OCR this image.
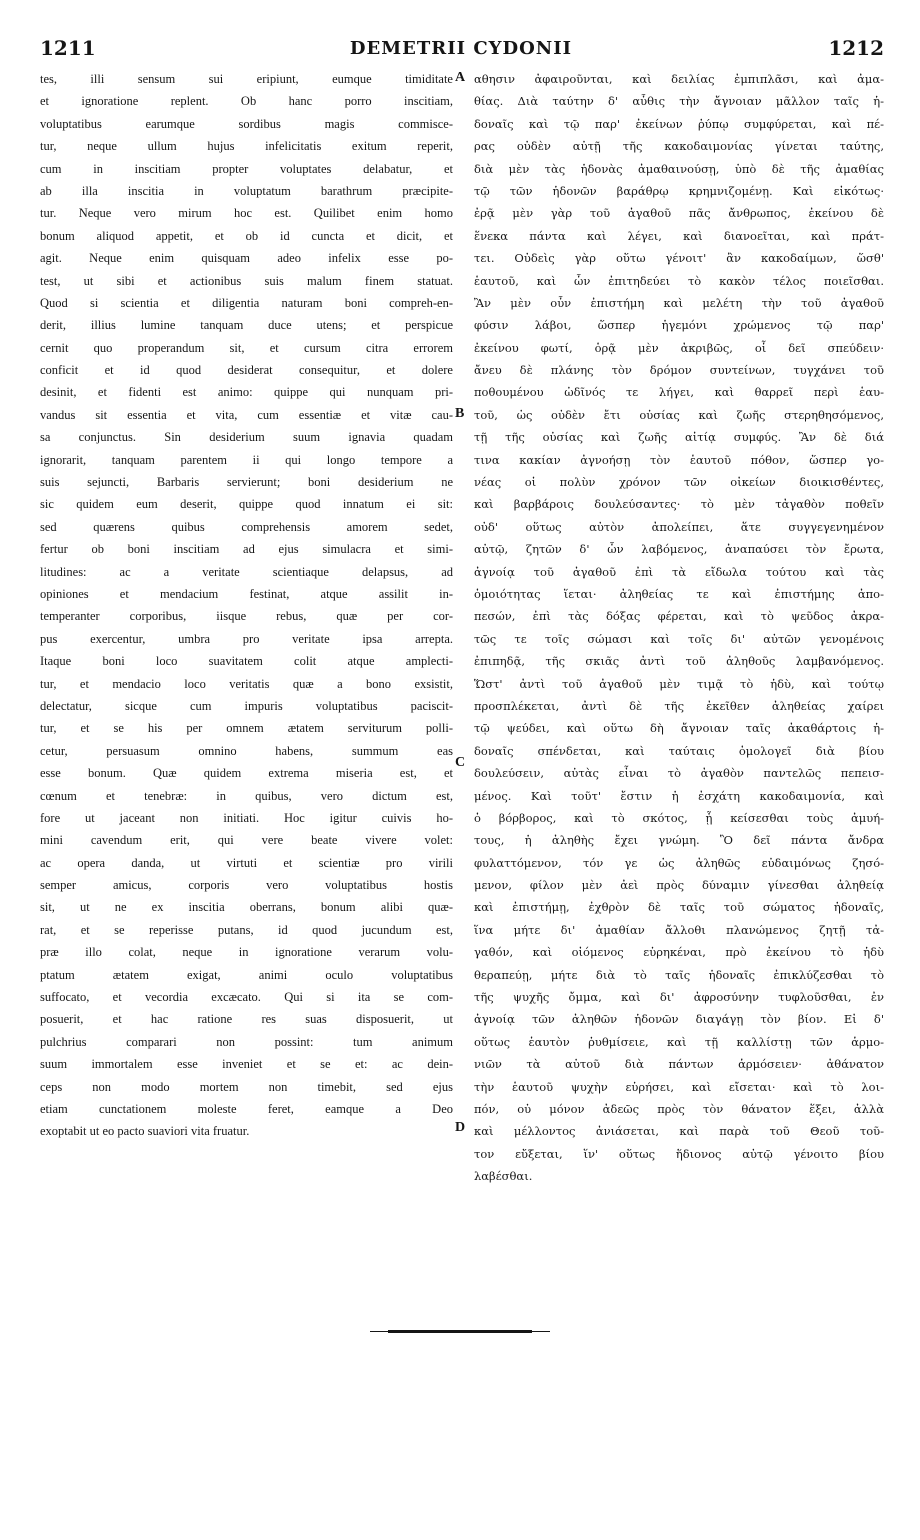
1211	DEMETRII CYDONII	1212
tes, illi sensum sui eripiunt, eumque timiditate
et ignoratione replent. Ob hanc porro inscitiam,
voluptatibus earumque sordibus magis commisce-
tur, neque ullum hujus infelicitatis exitum reperit,
cum in inscitiam propter voluptates delabatur, et
ab illa inscitia in voluptatum barathrum præcipite-
tur. Neque vero mirum hoc est. Quilibet enim homo
bonum aliquod appetit, et ob id cuncta et dicit, et
agit. Neque enim quisquam adeo infelix esse po-
test, ut sibi et actionibus suis malum finem statuat.
Quod si scientia et diligentia naturam boni compreh-en-
derit, illius lumine tanquam duce utens; et perspicue
cernit quo properandum sit, et cursum citra errorem
conficit et id quod desiderat consequitur, et dolere
desinit, et fidenti est animo: quippe qui nunquam pri-
vandus sit essentia et vita, cum essentiæ et vitæ cau-
sa conjunctus. Sin desiderium suum ignavia quadam
ignorarit, tanquam parentem ii qui longo tempore a
suis sejuncti, Barbaris servierunt; boni desiderium ne
sic quidem eum deserit, quippe quod innatum ei sit:
sed quærens quibus comprehensis amorem sedet,
fertur ob boni inscitiam ad ejus simulacra et simi-
litudines: ac a veritate scientiaque delapsus, ad
opiniones et mendacium festinat, atque assilit in-
temperanter corporibus, iisque rebus, quæ per cor-
pus exercentur, umbra pro veritate ipsa arrepta.
Itaque boni loco suavitatem colit atque amplecti-
tur, et mendacio loco veritatis quæ a bono exsistit,
delectatur, sicque cum impuris voluptatibus paciscit-
tur, et se his per omnem ætatem serviturum polli-
cetur, persuasum omnino habens, summum eas
esse bonum. Quæ quidem extrema miseria est, et
cœnum et tenebræ: in quibus, vero dictum est,
fore ut jaceant non initiati. Hoc igitur cuivis ho-
mini cavendum erit, qui vere beate vivere volet:
ac opera danda, ut virtuti et scientiæ pro virili
semper amicus, corporis vero voluptatibus hostis
sit, ut ne ex inscitia oberrans, bonum alibi quæ-
rat, et se reperisse putans, id quod jucundum est,
præ illo colat, neque in ignoratione verarum volu-
ptatum ætatem exigat, animi oculo voluptatibus
suffocato, et vecordia excæcato. Qui si ita se com-
posuerit, et hac ratione res suas disposuerit, ut
pulchrius comparari non possint: tum animum
suum immortalem esse inveniet et se et: ac dein-
ceps non modo mortem non timebit, sed ejus
etiam cunctationem moleste feret, eamque a Deo
exoptabit ut eo pacto suaviori vita fruatur.
αθησιν ἀφαιροῦνται, καὶ δειλίας ἐμπιπλᾶσι, καὶ ἀμα-
θίας. Διὰ ταύτην δ' αὖθις τὴν ἄγνοιαν μᾶλλον ταῖς ἡ-
δοναῖς καὶ τῷ παρ' ἐκείνων ῥύπῳ συμφύρεται, καὶ πέ-
ρας οὐδὲν αὐτῇ τῆς κακοδαιμονίας γίνεται ταύτης,
διὰ μὲν τὰς ἡδονὰς ἀμαθαινούσῃ, ὑπὸ δὲ τῆς ἀμαθίας
τῷ τῶν ἡδονῶν βαράθρῳ κρημνιζομένῃ. Καὶ εἰκότως·
ἐρᾷ μὲν γὰρ τοῦ ἀγαθοῦ πᾶς ἄνθρωπος, ἐκείνου δὲ
ἕνεκα πάντα καὶ λέγει, καὶ διανοεῖται, καὶ πράτ-
τει. Οὐδεὶς γὰρ οὕτω γένοιτ' ἂν κακοδαίμων, ὥσθ'
ἑαυτοῦ, καὶ ὧν ἐπιτηδεύει τὸ κακὸν τέλος ποιεῖσθαι.
Ἂν μὲν οὖν ἐπιστήμη καὶ μελέτη τὴν τοῦ ἀγαθοῦ
φύσιν λάβοι, ὥσπερ ἡγεμόνι χρώμενος τῷ παρ'
ἐκείνου φωτί, ὁρᾷ μὲν ἀκριβῶς, οἷ δεῖ σπεύδειν·
ἄνευ δὲ πλάνης τὸν δρόμον συντείνων, τυγχάνει τοῦ
ποθουμένου ὠδῖνός τε λήγει, καὶ θαρρεῖ περὶ ἑαυ-
τοῦ, ὡς οὐδὲν ἔτι οὐσίας καὶ ζωῆς στερηθησόμενος,
τῇ τῆς οὐσίας καὶ ζωῆς αἰτίᾳ συμφύς. Ἂν δὲ διά
τινα κακίαν ἀγνοήσῃ τὸν ἑαυτοῦ πόθον, ὥσπερ γο-
νέας οἱ πολὺν χρόνον τῶν οἰκείων διοικισθέντες,
καὶ βαρβάροις δουλεύσαντες· τὸ μὲν τἀγαθὸν ποθεῖν
οὐδ' οὕτως αὐτὸν ἀπολείπει, ἅτε συγγεγενημένον
αὐτῷ, ζητῶν δ' ὧν λαβόμενος, ἀναπαύσει τὸν ἔρωτα,
ἀγνοίᾳ τοῦ ἀγαθοῦ ἐπὶ τὰ εἴδωλα τούτου καὶ τὰς
ὁμοιότητας ἵεται· ἀληθείας τε καὶ ἐπιστήμης ἀπο-
πεσών, ἐπὶ τὰς δόξας φέρεται, καὶ τὸ ψεῦδος ἀκρα-
τῶς τε τοῖς σώμασι καὶ τοῖς δι' αὐτῶν γενομένοις
ἐπιπηδᾷ, τῆς σκιᾶς ἀντὶ τοῦ ἀληθοῦς λαμβανόμενος.
Ὥστ' ἀντὶ τοῦ ἀγαθοῦ μὲν τιμᾷ τὸ ἡδὺ, καὶ τούτῳ
προσπλέκεται, ἀντὶ δὲ τῆς ἐκεῖθεν ἀληθείας χαίρει
τῷ ψεύδει, καὶ οὕτω δὴ ἄγνοιαν ταῖς ἀκαθάρτοις ἡ-
δοναῖς σπένδεται, καὶ ταύταις ὁμολογεῖ διὰ βίου
δουλεύσειν, αὐτὰς εἶναι τὸ ἀγαθὸν παντελῶς πεπεισ-
μένος. Καὶ τοῦτ' ἔστιν ἡ ἐσχάτη κακοδαιμονία, καὶ
ὁ βόρβορος, καὶ τὸ σκότος, ᾗ κείσεσθαι τοὺς ἀμυή-
τους, ἡ ἀληθὴς ἔχει γνώμη. Ὃ δεῖ πάντα ἄνδρα
φυλαττόμενον, τόν γε ὡς ἀληθῶς εὐδαιμόνως ζησό-
μενον, φίλον μὲν ἀεὶ πρὸς δύναμιν γίνεσθαι ἀληθείᾳ
καὶ ἐπιστήμῃ, ἐχθρὸν δὲ ταῖς τοῦ σώματος ἡδοναῖς,
ἵνα μήτε δι' ἀμαθίαν ἄλλοθι πλανώμενος ζητῇ τἀ-
γαθόν, καὶ οἰόμενος εὑρηκέναι, πρὸ ἐκείνου τὸ ἡδὺ
θεραπεύῃ, μήτε διὰ τὸ ταῖς ἡδοναῖς ἐπικλύζεσθαι τὸ
τῆς ψυχῆς ὄμμα, καὶ δι' ἀφροσύνην τυφλοῦσθαι, ἐν
ἀγνοίᾳ τῶν ἀληθῶν ἡδονῶν διαγάγῃ τὸν βίον. Εἰ δ'
οὕτως ἑαυτὸν ῥυθμίσειε, καὶ τῇ καλλίστῃ τῶν ἁρμο-
νιῶν τὰ αὑτοῦ διὰ πάντων ἁρμόσειεν· ἀθάνατον
τὴν ἑαυτοῦ ψυχὴν εὑρήσει, καὶ εἴσεται· καὶ τὸ λοι-
πόν, οὐ μόνον ἀδεῶς πρὸς τὸν θάνατον ἕξει, ἀλλὰ
καὶ μέλλοντος ἀνιάσεται, καὶ παρὰ τοῦ Θεοῦ τοῦ-
τον εὔξεται, ἵν' οὕτως ἥδιονος αὐτῷ γένοιτο βίου
λαβέσθαι.
A
B
C
D
